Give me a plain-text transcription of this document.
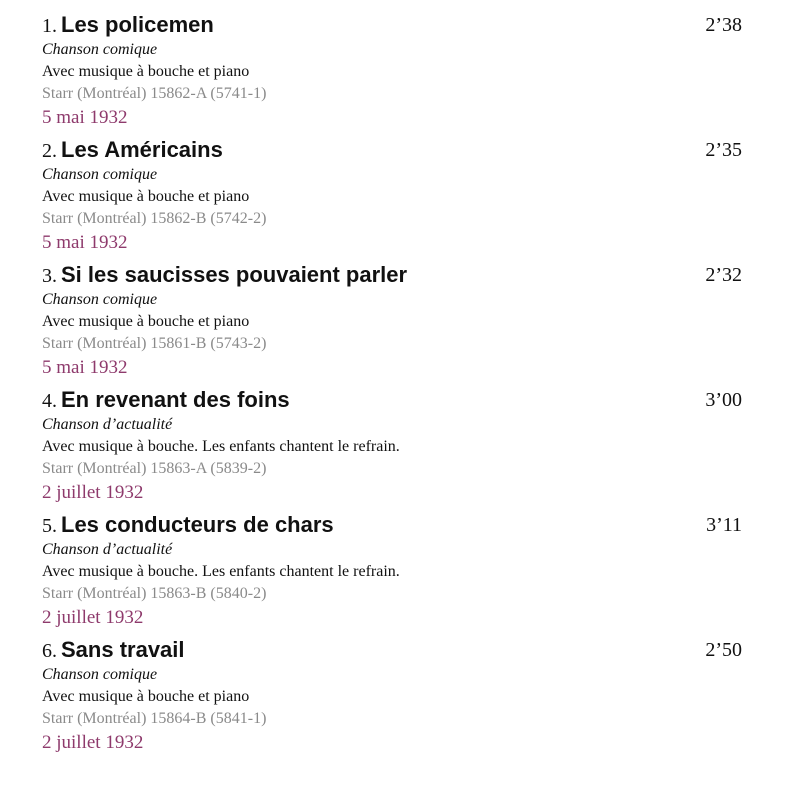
1. Les policemen	2’38
Chanson comique
Avec musique à bouche et piano
Starr (Montréal) 15862-A (5741-1)
5 mai 1932
2. Les Américains	2’35
Chanson comique
Avec musique à bouche et piano
Starr (Montréal) 15862-B (5742-2)
5 mai 1932
3. Si les saucisses pouvaient parler	2’32
Chanson comique
Avec musique à bouche et piano
Starr (Montréal) 15861-B (5743-2)
5 mai 1932
4. En revenant des foins	3’00
Chanson d’actualité
Avec musique à bouche. Les enfants chantent le refrain.
Starr (Montréal) 15863-A (5839-2)
2 juillet 1932
5. Les conducteurs de chars	3’11
Chanson d’actualité
Avec musique à bouche. Les enfants chantent le refrain.
Starr (Montréal) 15863-B (5840-2)
2 juillet 1932
6. Sans travail	2’50
Chanson comique
Avec musique à bouche et piano
Starr (Montréal) 15864-B (5841-1)
2 juillet 1932
